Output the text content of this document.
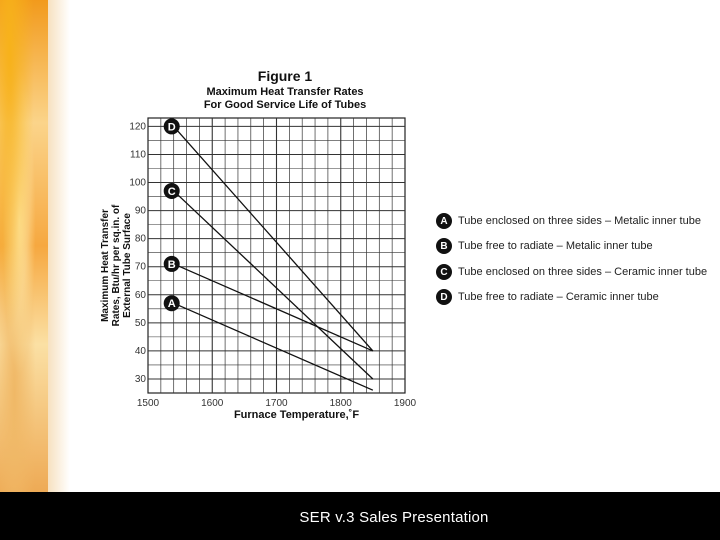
Figure 1
Maximum Heat Transfer Rates
For Good Service Life of Tubes
1500	1600	1700	1800	1900
30
40
50
60
70
80
90
100
110
120
Furnace Temperature,˚F
Maximum Heat Transfer Rates, Btu/hr per sq.in. of External Tube Surface	A
B
C
D
A Tube enclosed on three sides – Metalic inner tube
B Tube free to radiate – Metalic inner tube
C Tube enclosed on three sides – Ceramic inner tube
D Tube free to radiate – Ceramic inner tube
SER v.3 Sales Presentation
